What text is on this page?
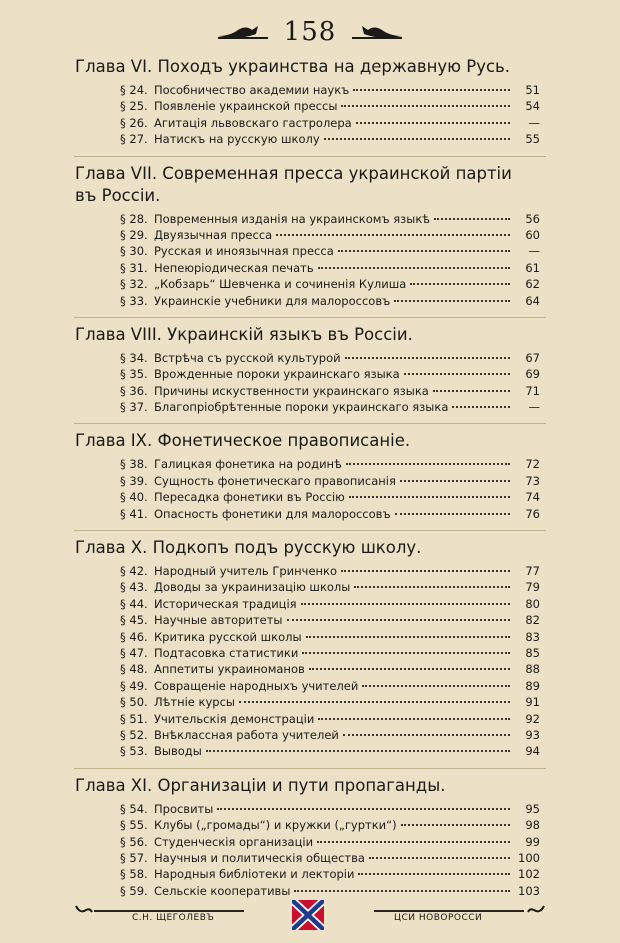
158

Глава VI. Походъ украинства на державную Русь.

§ 24. Пособничество академии наукъ	51
§ 25. Появленіе украинской прессы	54
§ 26. Агитація львовскаго гастролера	—
§ 27. Натискъ на русскую школу	55

Глава VII. Современная пресса украинской партіи въ Россіи.

§ 28. Повременныя изданія на украинскомъ языкѣ	56
§ 29. Двуязычная пресса	60
§ 30. Русская и иноязычная пресса	—
§ 31. Непеюріодическая печать	61
§ 32. „Кобзарь“ Шевченка и сочиненія Кулиша	62
§ 33. Украинскіе учебники для малороссовъ	64

Глава VIII. Украинскій языкъ въ Россіи.

§ 34. Встрѣча съ русской культурой	67
§ 35. Врожденные пороки украинскаго языка	69
§ 36. Причины искуственности украинскаго языка	71
§ 37. Благопріобрѣтенные пороки украинскаго языка	—

Глава IX. Фонетическое правописаніе.

§ 38. Галицкая фонетика на родинѣ	72
§ 39. Сущность фонетическаго правописанія	73
§ 40. Пересадка фонетики въ Россію	74
§ 41. Опасность фонетики для малороссовъ	76

Глава X. Подкопъ подъ русскую школу.

§ 42. Народный учитель Гринченко	77
§ 43. Доводы за украинизацію школы	79
§ 44. Историческая традиція	80
§ 45. Научные авторитеты	82
§ 46. Критика русской школы	83
§ 47. Подтасовка статистики	85
§ 48. Аппетиты украиноманов	88
§ 49. Совращеніе народныхъ учителей	89
§ 50. Лѣтніе курсы	91
§ 51. Учительскія демонстраціи	92
§ 52. Внѣклассная работа учителей	93
§ 53. Выводы	94

Глава XI. Организаціи и пути пропаганды.

§ 54. Просвиты	95
§ 55. Клубы („громады“) и кружки („гуртки“)	98
§ 56. Студенческія организаціи	99
§ 57. Научныя и политическія общества	100
§ 58. Народныя библіотеки и лекторіи	102
§ 59. Сельскіе кооперативы	103
С.Н. ЩЕГОЛЕВЪ	ЦСИ НОВОРОССИ
